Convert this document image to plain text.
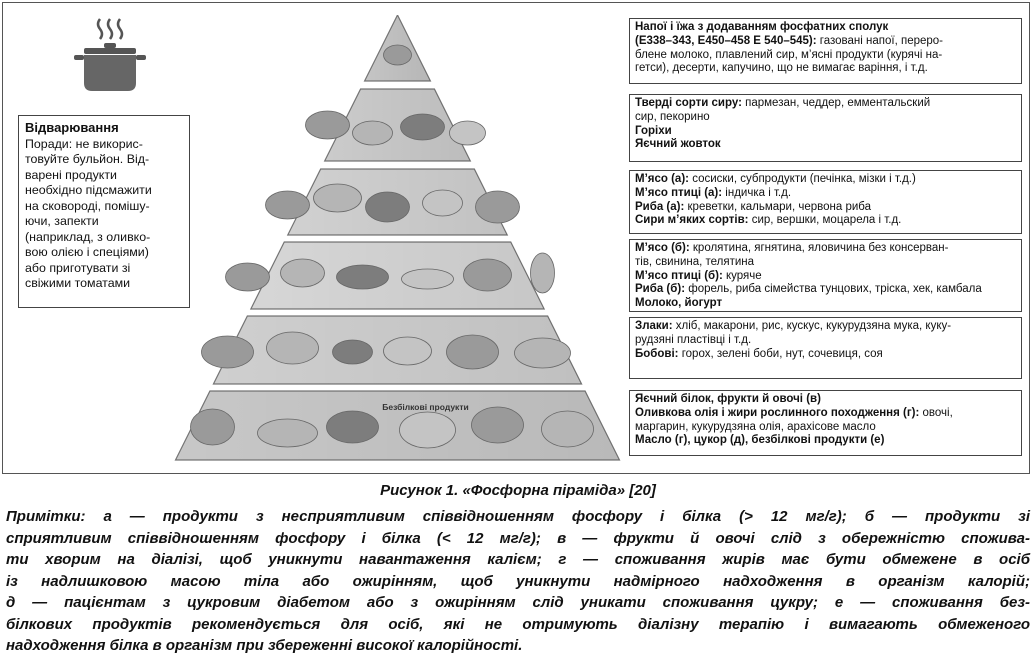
Відварювання
Поради: не викорис-
товуйте бульйон. Від-
варені продукти
необхідно підсмажити
на сковороді, помішу-
ючи, запекти
(наприклад, з оливко-
вою олією і спеціями)
або приготувати зі
свіжими томатами
Безбілкові продукти
Напої і їжа з додаванням фосфатних сполук
(Е338–343, Е450–458 Е 540–545): газовані напої, переро-
блене молоко, плавлений сир, м’ясні продукти (курячі на-
гетси), десерти, капучино, що не вимагає варіння, і т.д.
Тверді сорти сиру: пармезан, чеддер, емментальский
сир, пекорино
Горіхи
Яєчний жовток
М’ясо (а): сосиски, субпродукти (печінка, мізки і т.д.)
М’ясо птиці (а): індичка і т.д.
Риба (а): креветки, кальмари, червона риба
Сири м’яких сортів: сир, вершки, моцарела і т.д.
М’ясо (б): кролятина, ягнятина, яловичина без консерван-
тів, свинина, телятина
М’ясо птиці (б): куряче
Риба (б): форель, риба сімейства тунцових, тріска, хек, камбала
Молоко, йогурт
Злаки: хліб, макарони, рис, кускус, кукурудзяна мука, куку-
рудзяні пластівці і т.д.
Бобові: горох, зелені боби, нут, сочевиця, соя
Яєчний білок, фрукти й овочі (в)
Оливкова олія і жири рослинного походження (г): овочі,
маргарин, кукурудзяна олія, арахісове масло
Масло (г), цукор (д), безбілкові продукти (е)
Рисунок 1. «Фосфорна піраміда» [20]
Примітки: а — продукти з несприятливим співвідношенням фосфору і білка (> 12 мг/г); б — продукти зі
сприятливим співвідношенням фосфору і білка (< 12 мг/г); в — фрукти й овочі слід з обережністю спожива-
ти хворим на діалізі, щоб уникнути навантаження калієм; г — споживання жирів має бути обмежене в осіб
із надлишковою масою тіла або ожирінням, щоб уникнути надмірного надходження в організм калорій;
д — пацієнтам з цукровим діабетом або з ожирінням слід уникати споживання цукру; е — споживання без-
білкових продуктів рекомендується для осіб, які не отримують діалізну терапію і вимагають обмеженого
надходження білка в організм при збереженні високої калорійності.
